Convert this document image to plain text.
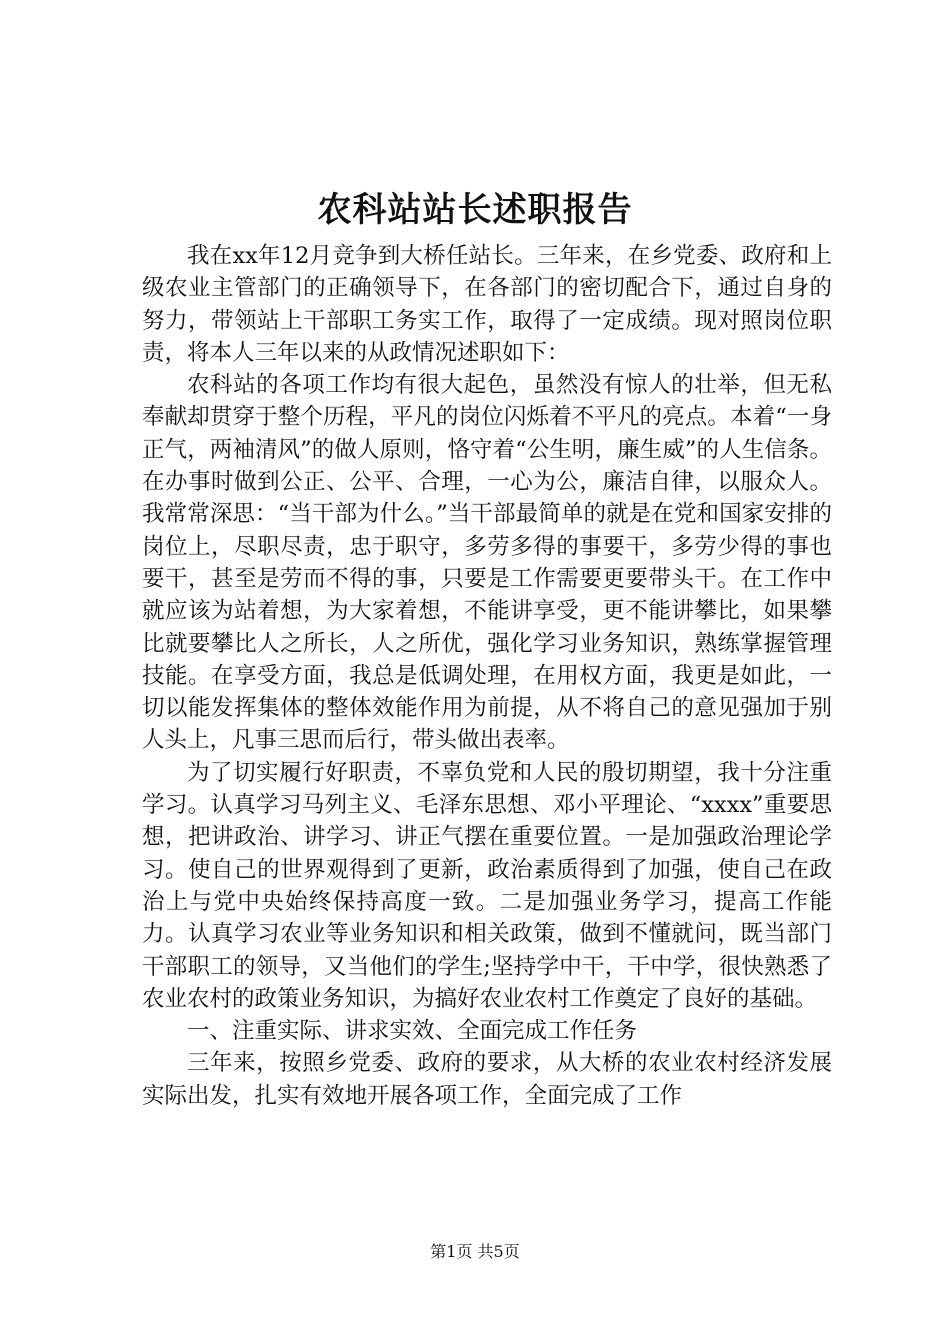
农科站站长述职报告

我在xx年12月竞争到大桥任站长。三年来，在乡党委、政府和上级农业主管部门的正确领导下，在各部门的密切配合下，通过自身的努力，带领站上干部职工务实工作，取得了一定成绩。现对照岗位职责，将本人三年以来的从政情况述职如下：

农科站的各项工作均有很大起色，虽然没有惊人的壮举，但无私奉献却贯穿于整个历程，平凡的岗位闪烁着不平凡的亮点。本着“一身正气，两袖清风”的做人原则，恪守着“公生明，廉生威”的人生信条。在办事时做到公正、公平、合理，一心为公，廉洁自律，以服众人。我常常深思：“当干部为什么。”当干部最简单的就是在党和国家安排的岗位上，尽职尽责，忠于职守，多劳多得的事要干，多劳少得的事也要干，甚至是劳而不得的事，只要是工作需要更要带头干。在工作中就应该为站着想，为大家着想，不能讲享受，更不能讲攀比，如果攀比就要攀比人之所长，人之所优，强化学习业务知识，熟练掌握管理技能。在享受方面，我总是低调处理，在用权方面，我更是如此，一切以能发挥集体的整体效能作用为前提，从不将自己的意见强加于别人头上，凡事三思而后行，带头做出表率。

为了切实履行好职责，不辜负党和人民的殷切期望，我十分注重学习。认真学习马列主义、毛泽东思想、邓小平理论、“xxxx”重要思想，把讲政治、讲学习、讲正气摆在重要位置。一是加强政治理论学习。使自己的世界观得到了更新，政治素质得到了加强，使自己在政治上与党中央始终保持高度一致。二是加强业务学习，提高工作能力。认真学习农业等业务知识和相关政策，做到不懂就问，既当部门干部职工的领导，又当他们的学生;坚持学中干，干中学，很快熟悉了农业农村的政策业务知识，为搞好农业农村工作奠定了良好的基础。

一、注重实际、讲求实效、全面完成工作任务

三年来，按照乡党委、政府的要求，从大桥的农业农村经济发展实际出发，扎实有效地开展各项工作，全面完成了工作

第1页 共5页
